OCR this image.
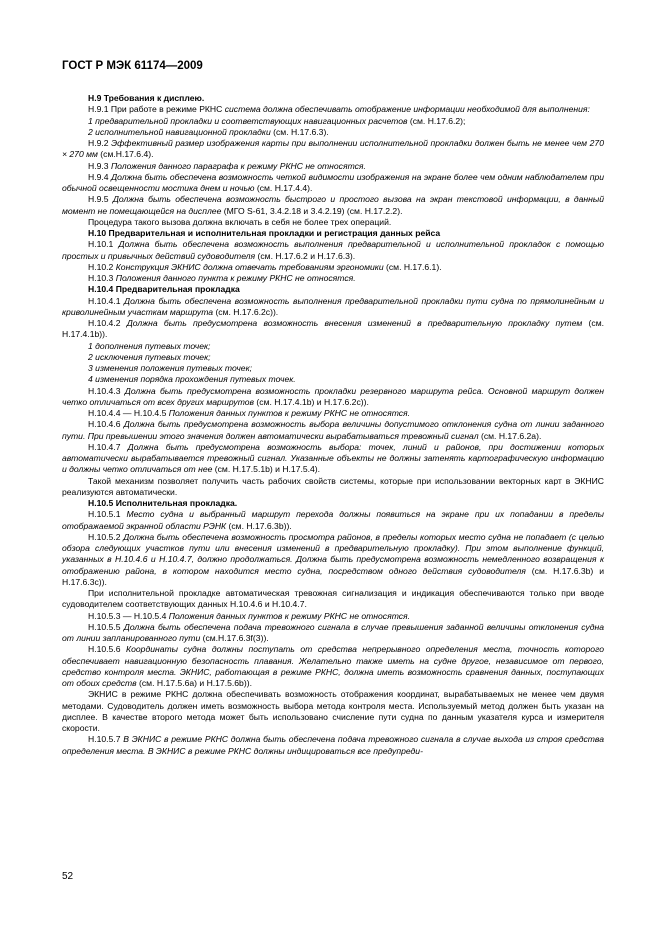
ГОСТ Р МЭК 61174—2009

Н.9 Требования к дисплею.

Н.9.1 При работе в режиме РКНС система должна обеспечивать отображение информации необходимой для выполнения:

1 предварительной прокладки и соответствующих навигационных расчетов (см. Н.17.6.2);

2 исполнительной навигационной прокладки (см. Н.17.6.3).

Н.9.2 Эффективный размер изображения карты при выполнении исполнительной прокладки должен быть не менее чем 270 × 270 мм (см.Н.17.6.4).

Н.9.3 Положения данного параграфа к режиму РКНС не относятся.

Н.9.4 Должна быть обеспечена возможность четкой видимости изображения на экране более чем одним наблюдателем при обычной освещенности мостика днем и ночью (см. Н.17.4.4).

Н.9.5 Должна быть обеспечена возможность быстрого и простого вызова на экран текстовой информации, в данный момент не помещающейся на дисплее (МГО S-61, 3.4.2.18 и 3.4.2.19) (см. Н.17.2.2).

Процедура такого вызова должна включать в себя не более трех операций.

Н.10 Предварительная и исполнительная прокладки и регистрация данных рейса

Н.10.1 Должна быть обеспечена возможность выполнения предварительной и исполнительной прокладок с помощью простых и привычных действий судоводителя (см. Н.17.6.2 и Н.17.6.3).

Н.10.2 Конструкция ЭКНИС должна отвечать требованиям эргономики (см. Н.17.6.1).

Н.10.3 Положения данного пункта к режиму РКНС не относятся.

Н.10.4 Предварительная прокладка

Н.10.4.1 Должна быть обеспечена возможность выполнения предварительной прокладки пути судна по прямолинейным и криволинейным участкам маршрута (см. Н.17.6.2с)).

Н.10.4.2 Должна быть предусмотрена возможность внесения изменений в предварительную прокладку путем (см. Н.17.4.1b)).

1 дополнения путевых точек;

2 исключения путевых точек;

3 изменения положения путевых точек;

4 изменения порядка прохождения путевых точек.

Н.10.4.3 Должна быть предусмотрена возможность прокладки резервного маршрута рейса. Основной маршрут должен четко отличаться от всех других маршрутов (см. Н.17.4.1b) и Н.17.6.2с)).

Н.10.4.4 — Н.10.4.5 Положения данных пунктов к режиму РКНС не относятся.

Н.10.4.6 Должна быть предусмотрена возможность выбора величины допустимого отклонения судна от линии заданного пути. При превышении этого значения должен автоматически вырабатываться тревожный сигнал (см. Н.17.6.2а).

Н.10.4.7 Должна быть предусмотрена возможность выбора: точек, линий и районов, при достижении которых автоматически вырабатывается тревожный сигнал. Указанные объекты не должны затенять картографическую информацию и должны четко отличаться от нее (см. Н.17.5.1b) и Н.17.5.4).

Такой механизм позволяет получить часть рабочих свойств системы, которые при использовании векторных карт в ЭКНИС реализуются автоматически.

Н.10.5 Исполнительная прокладка.

Н.10.5.1 Место судна и выбранный маршрут перехода должны появиться на экране при их попадании в пределы отображаемой экранной области РЭНК (см. Н.17.6.3b)).

Н.10.5.2 Должна быть обеспечена возможность просмотра районов, в пределы которых место судна не попадает (с целью обзора следующих участков пути или внесения изменений в предварительную прокладку). При этом выполнение функций, указанных в Н.10.4.6 и Н.10.4.7, должно продолжаться. Должна быть предусмотрена возможность немедленного возвращения к отображению района, в котором находится место судна, посредством одного действия судоводителя (см. Н.17.6.3b) и Н.17.6.3с)).

При исполнительной прокладке автоматическая тревожная сигнализация и индикация обеспечиваются только при вводе судоводителем соответствующих данных Н.10.4.6 и Н.10.4.7.

Н.10.5.3 — Н.10.5.4 Положения данных пунктов к режиму РКНС не относятся.

Н.10.5.5 Должна быть обеспечена подача тревожного сигнала в случае превышения заданной величины отклонения судна от линии запланированного пути (см.Н.17.6.3f(3)).

Н.10.5.6 Координаты судна должны поступать от средства непрерывного определения места, точность которого обеспечивает навигационную безопасность плавания. Желательно также иметь на судне другое, независимое от первого, средство контроля места. ЭКНИС, работающая в режиме РКНС, должна иметь возможность сравнения данных, поступающих от обоих средств (см. Н.17.5.6а) и Н.17.5.6b)).

ЭКНИС в режиме РКНС должна обеспечивать возможность отображения координат, вырабатываемых не менее чем двумя методами. Судоводитель должен иметь возможность выбора метода контроля места. Используемый метод должен быть указан на дисплее. В качестве второго метода может быть использовано счисление пути судна по данным указателя курса и измерителя скорости.

Н.10.5.7 В ЭКНИС в режиме РКНС должна быть обеспечена подача тревожного сигнала в случае выхода из строя средства определения места. В ЭКНИС в режиме РКНС должны индицироваться все предупреди-

52
